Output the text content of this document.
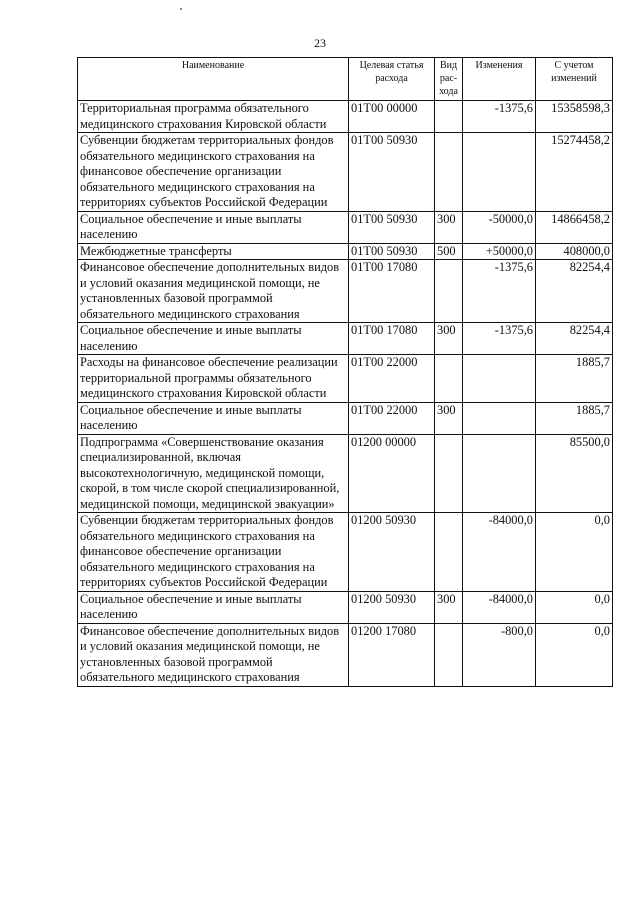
23
Наименование	Целевая статья расхода	Вид рас-хода	Изменения	С учетом изменений
Территориальная программа обязательного медицинского страхования Кировской области	01Т00 00000		-1375,6	15358598,3
Субвенции бюджетам территориальных фондов обязательного медицинского страхования на финансовое обеспечение организации обязательного медицинского страхования на территориях субъектов Российской Федерации	01Т00 50930			15274458,2
Социальное обеспечение и иные выплаты населению	01Т00 50930	300	-50000,0	14866458,2
Межбюджетные трансферты	01Т00 50930	500	+50000,0	408000,0
Финансовое обеспечение дополнительных видов и условий оказания медицинской помощи, не установленных базовой программой обязательного медицинского страхования	01Т00 17080		-1375,6	82254,4
Социальное обеспечение и иные выплаты населению	01Т00 17080	300	-1375,6	82254,4
Расходы на финансовое обеспечение реализации территориальной программы обязательного медицинского страхования Кировской области	01Т00 22000			1885,7
Социальное обеспечение и иные выплаты населению	01Т00 22000	300		1885,7
Подпрограмма «Совершенствование оказания специализированной, включая высокотехнологичную, медицинской помощи, скорой, в том числе скорой специализированной, медицинской помощи, медицинской эвакуации»	01200 00000			85500,0
Субвенции бюджетам территориальных фондов обязательного медицинского страхования на финансовое обеспечение организации обязательного медицинского страхования на территориях субъектов Российской Федерации	01200 50930		-84000,0	0,0
Социальное обеспечение и иные выплаты населению	01200 50930	300	-84000,0	0,0
Финансовое обеспечение дополнительных видов и условий оказания медицинской помощи, не установленных базовой программой обязательного медицинского страхования	01200 17080		-800,0	0,0
